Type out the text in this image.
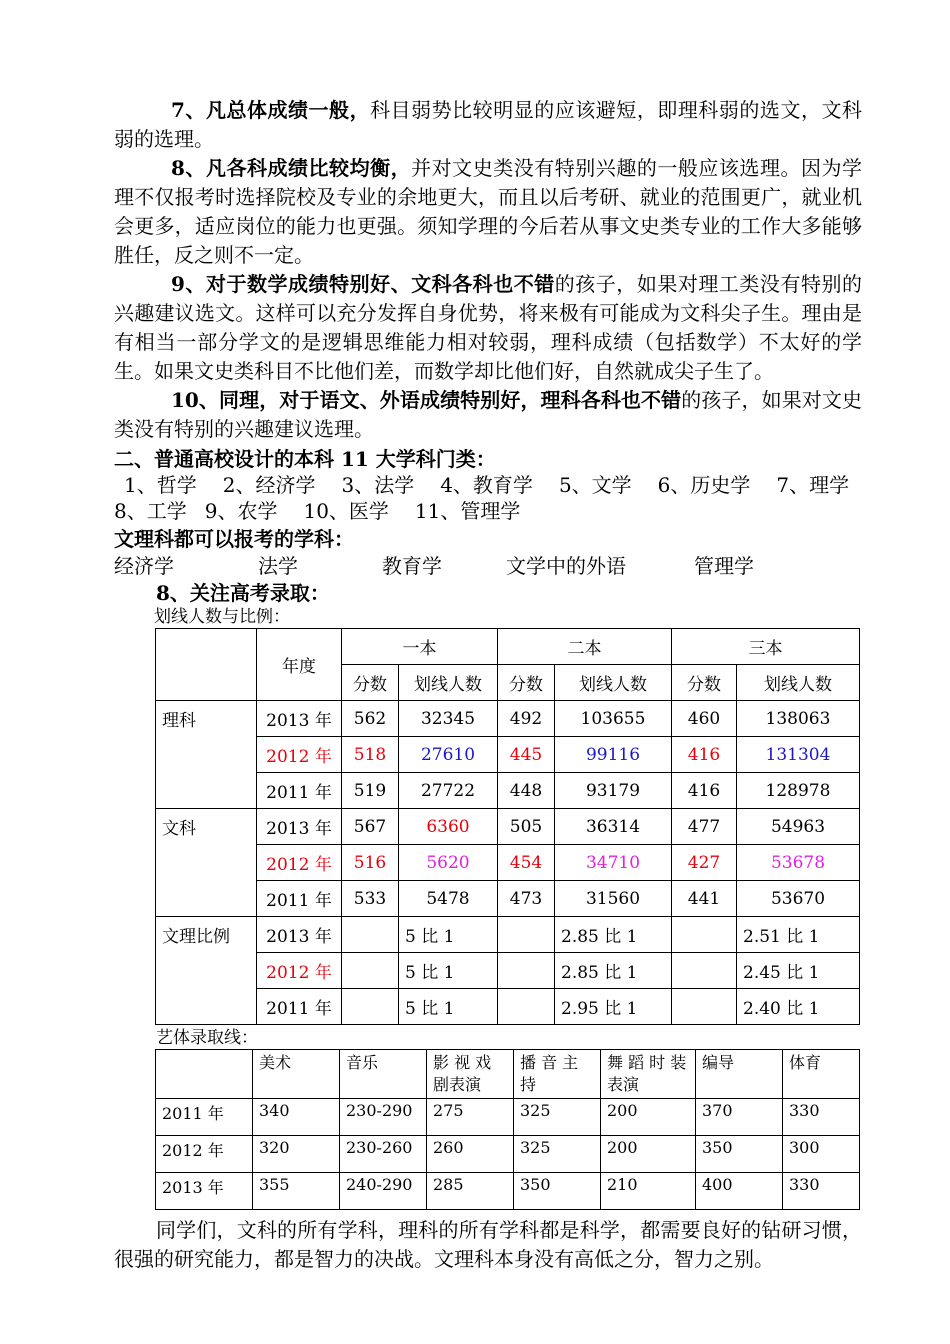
7、凡总体成绩一般，科目弱势比较明显的应该避短，即理科弱的选文，文科弱的选理。

8、凡各科成绩比较均衡，并对文史类没有特别兴趣的一般应该选理。因为学理不仅报考时选择院校及专业的余地更大，而且以后考研、就业的范围更广，就业机会更多，适应岗位的能力也更强。须知学理的今后若从事文史类专业的工作大多能够胜任，反之则不一定。

9、对于数学成绩特别好、文科各科也不错的孩子，如果对理工类没有特别的兴趣建议选文。这样可以充分发挥自身优势，将来极有可能成为文科尖子生。理由是有相当一部分学文的是逻辑思维能力相对较弱，理科成绩（包括数学）不太好的学生。如果文史类科目不比他们差，而数学却比他们好，自然就成尖子生了。

10、同理，对于语文、外语成绩特别好，理科各科也不错的孩子，如果对文史类没有特别的兴趣建议选理。

二、普通高校设计的本科 11 大学科门类：
1、哲学 2、经济学 3、法学 4、教育学 5、文学 6、历史学 7、理学
8、工学 9、农学 10、医学 11、管理学
文理科都可以报考的学科：
经济学	法学	教育学	文学中的外语	管理学
8、关注高考录取：
划线人数与比例：
	年度	一本		二本		三本	
		分数	划线人数	分数	划线人数	分数	划线人数
理科	2013 年	562	32345	492	103655	460	138063
	2012 年	518	27610	445	99116	416	131304
	2011 年	519	27722	448	93179	416	128978
文科	2013 年	567	6360	505	36314	477	54963
	2012 年	516	5620	454	34710	427	53678
	2011 年	533	5478	473	31560	441	53670
文理比例	2013 年		5 比 1		2.85 比 1		2.51 比 1
	2012 年		5 比 1		2.85 比 1		2.45 比 1
	2011 年		5 比 1		2.95 比 1		2.40 比 1
艺体录取线：
	美术	音乐	影 视 戏 剧表演	播 音 主 持	舞 蹈 时 装表演	编导	体育
2011 年	340	230-290	275	325	200	370	330
2012 年	320	230-260	260	325	200	350	300
2013 年	355	240-290	285	350	210	400	330

同学们，文科的所有学科，理科的所有学科都是科学，都需要良好的钻研习惯，很强的研究能力，都是智力的决战。文理科本身没有高低之分，智力之别。
